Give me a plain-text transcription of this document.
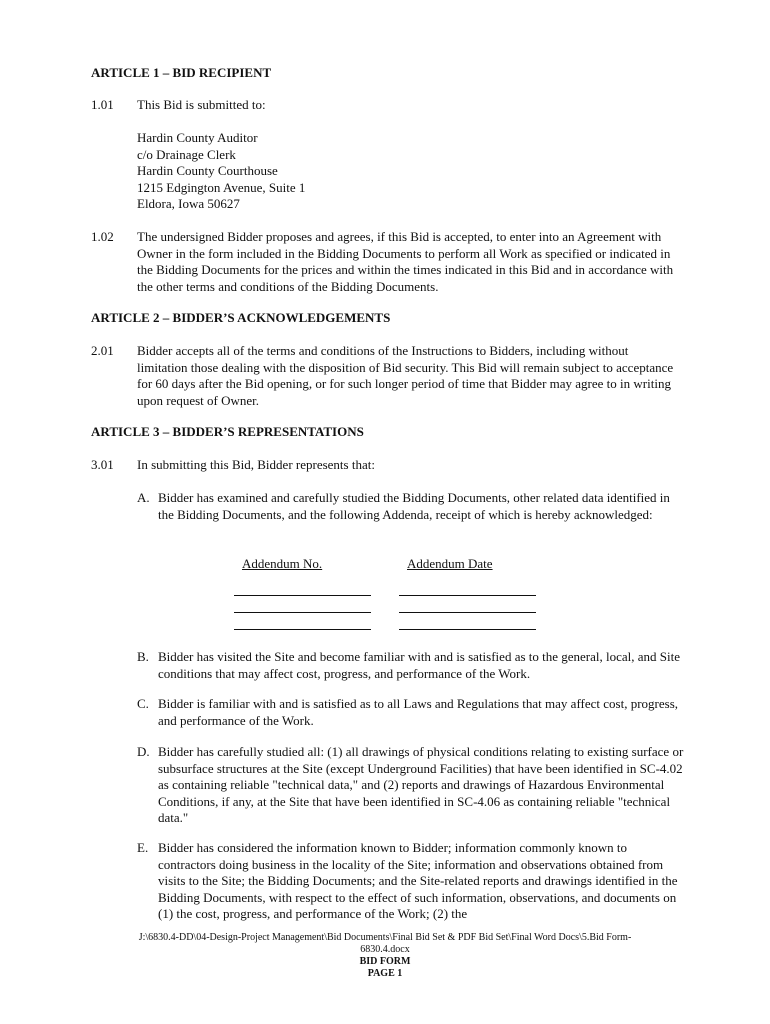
ARTICLE 1 – BID RECIPIENT
1.01 This Bid is submitted to:
Hardin County Auditor
c/o Drainage Clerk
Hardin County Courthouse
1215 Edgington Avenue, Suite 1
Eldora, Iowa 50627
1.02 The undersigned Bidder proposes and agrees, if this Bid is accepted, to enter into an Agreement with Owner in the form included in the Bidding Documents to perform all Work as specified or indicated in the Bidding Documents for the prices and within the times indicated in this Bid and in accordance with the other terms and conditions of the Bidding Documents.
ARTICLE 2 – BIDDER’S ACKNOWLEDGEMENTS
2.01 Bidder accepts all of the terms and conditions of the Instructions to Bidders, including without limitation those dealing with the disposition of Bid security. This Bid will remain subject to acceptance for 60 days after the Bid opening, or for such longer period of time that Bidder may agree to in writing upon request of Owner.
ARTICLE 3 – BIDDER’S REPRESENTATIONS
3.01 In submitting this Bid, Bidder represents that:
A. Bidder has examined and carefully studied the Bidding Documents, other related data identified in the Bidding Documents, and the following Addenda, receipt of which is hereby acknowledged:
Addendum No.	Addendum Date
B. Bidder has visited the Site and become familiar with and is satisfied as to the general, local, and Site conditions that may affect cost, progress, and performance of the Work.
C. Bidder is familiar with and is satisfied as to all Laws and Regulations that may affect cost, progress, and performance of the Work.
D. Bidder has carefully studied all: (1) all drawings of physical conditions relating to existing surface or subsurface structures at the Site (except Underground Facilities) that have been identified in SC-4.02 as containing reliable "technical data," and (2) reports and drawings of Hazardous Environmental Conditions, if any, at the Site that have been identified in SC-4.06 as containing reliable "technical data."
E. Bidder has considered the information known to Bidder; information commonly known to contractors doing business in the locality of the Site; information and observations obtained from visits to the Site; the Bidding Documents; and the Site-related reports and drawings identified in the Bidding Documents, with respect to the effect of such information, observations, and documents on (1) the cost, progress, and performance of the Work; (2) the
J:\6830.4-DD\04-Design-Project Management\Bid Documents\Final Bid Set & PDF Bid Set\Final Word Docs\5.Bid Form-
6830.4.docx
BID FORM
PAGE 1
